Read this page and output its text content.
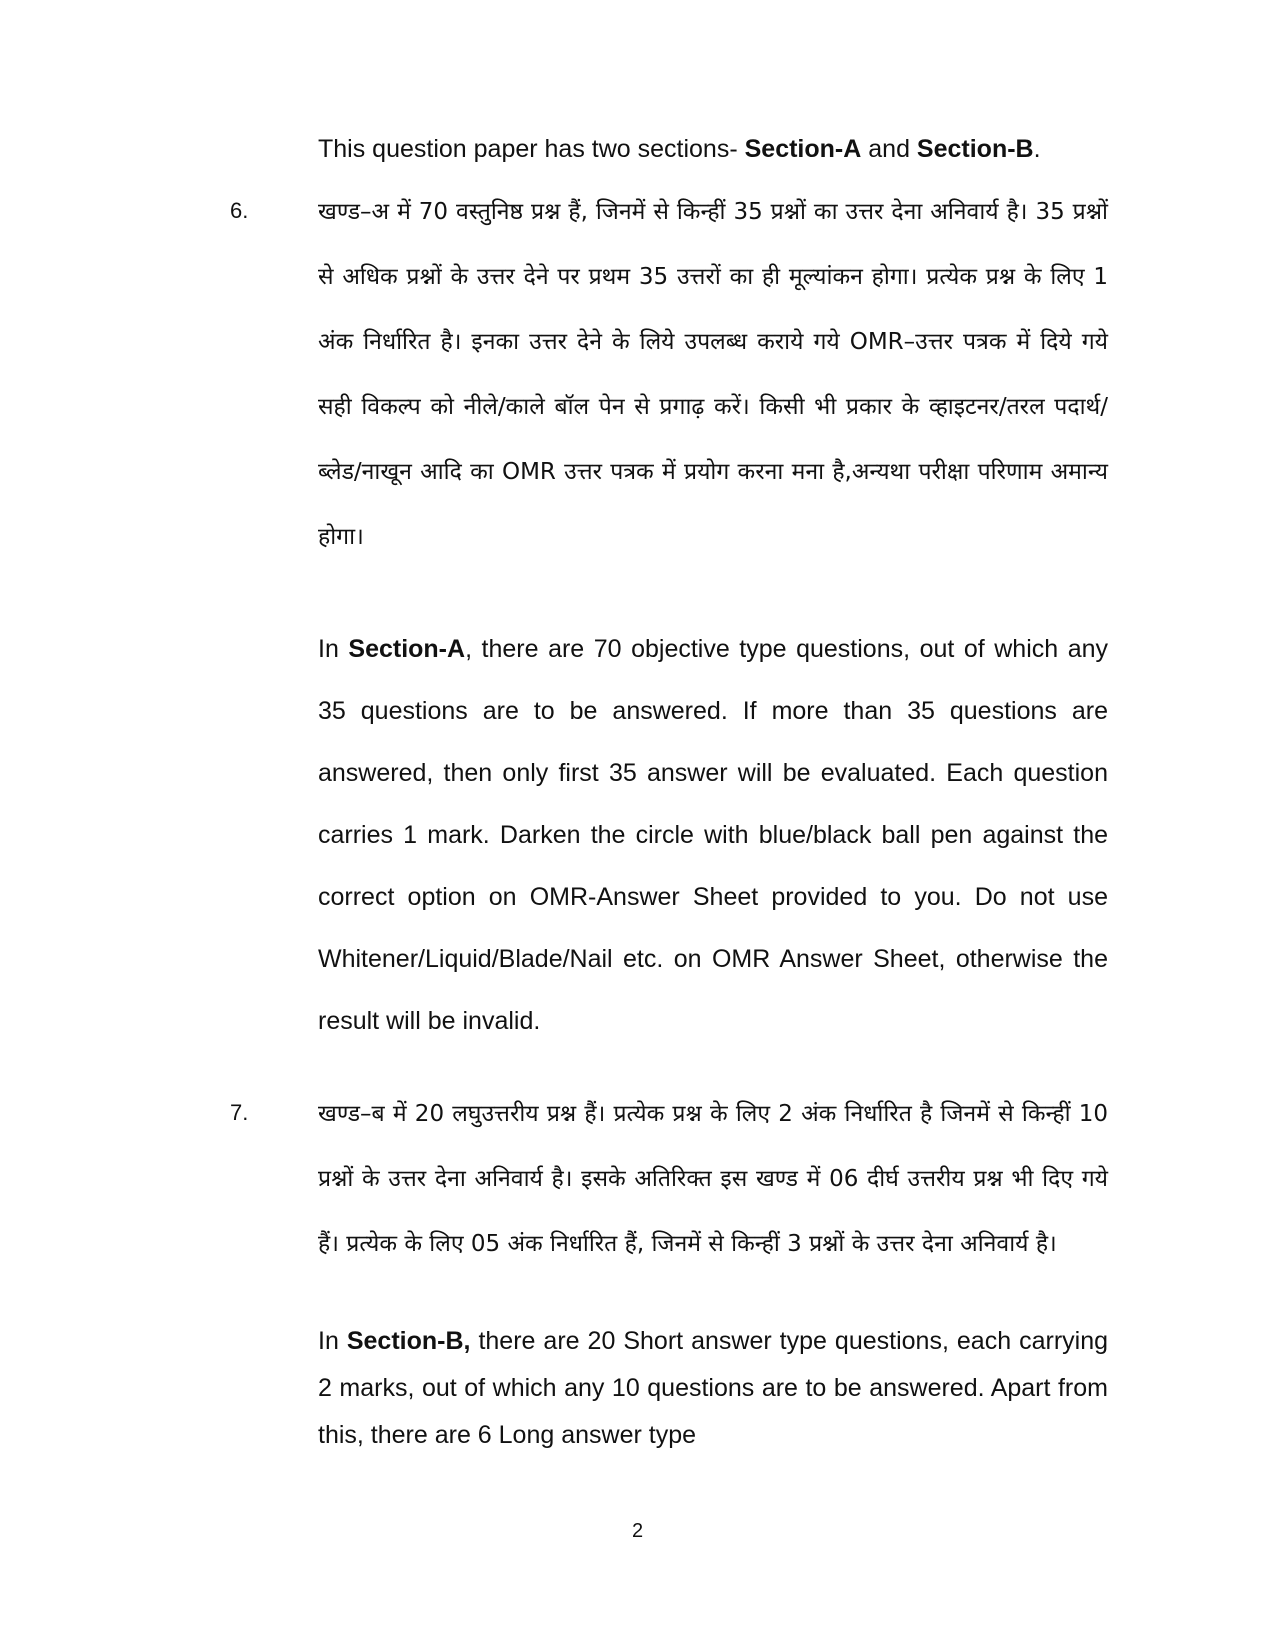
This question paper has two sections- Section-A and Section-B.
6.	खण्ड–अ में 70 वस्तुनिष्ठ प्रश्न हैं, जिनमें से किन्हीं 35 प्रश्नों का उत्तर देना अनिवार्य है। 35 प्रश्नों से अधिक प्रश्नों के उत्तर देने पर प्रथम 35 उत्तरों का ही मूल्यांकन होगा। प्रत्येक प्रश्न के लिए 1 अंक निर्धारित है। इनका उत्तर देने के लिये उपलब्ध कराये गये OMR–उत्तर पत्रक में दिये गये सही विकल्प को नीले/काले बॉल पेन से प्रगाढ़ करें। किसी भी प्रकार के व्हाइटनर/तरल पदार्थ/ब्लेड/नाखून आदि का OMR उत्तर पत्रक में प्रयोग करना मना है,अन्यथा परीक्षा परिणाम अमान्य होगा।
In Section-A, there are 70 objective type questions, out of which any 35 questions are to be answered. If more than 35 questions are answered, then only first 35 answer will be evaluated. Each question carries 1 mark. Darken the circle with blue/black ball pen against the correct option on OMR-Answer Sheet provided to you. Do not use Whitener/Liquid/Blade/Nail etc. on OMR Answer Sheet, otherwise the result will be invalid.
7.	खण्ड–ब में 20 लघुउत्तरीय प्रश्न हैं। प्रत्येक प्रश्न के लिए 2 अंक निर्धारित है जिनमें से किन्हीं 10 प्रश्नों के उत्तर देना अनिवार्य है। इसके अतिरिक्त इस खण्ड में 06 दीर्घ उत्तरीय प्रश्न भी दिए गये हैं। प्रत्येक के लिए 05 अंक निर्धारित हैं, जिनमें से किन्हीं 3 प्रश्नों के उत्तर देना अनिवार्य है।
In Section-B, there are 20 Short answer type questions, each carrying 2 marks, out of which any 10 questions are to be answered. Apart from this, there are 6 Long answer type
2
